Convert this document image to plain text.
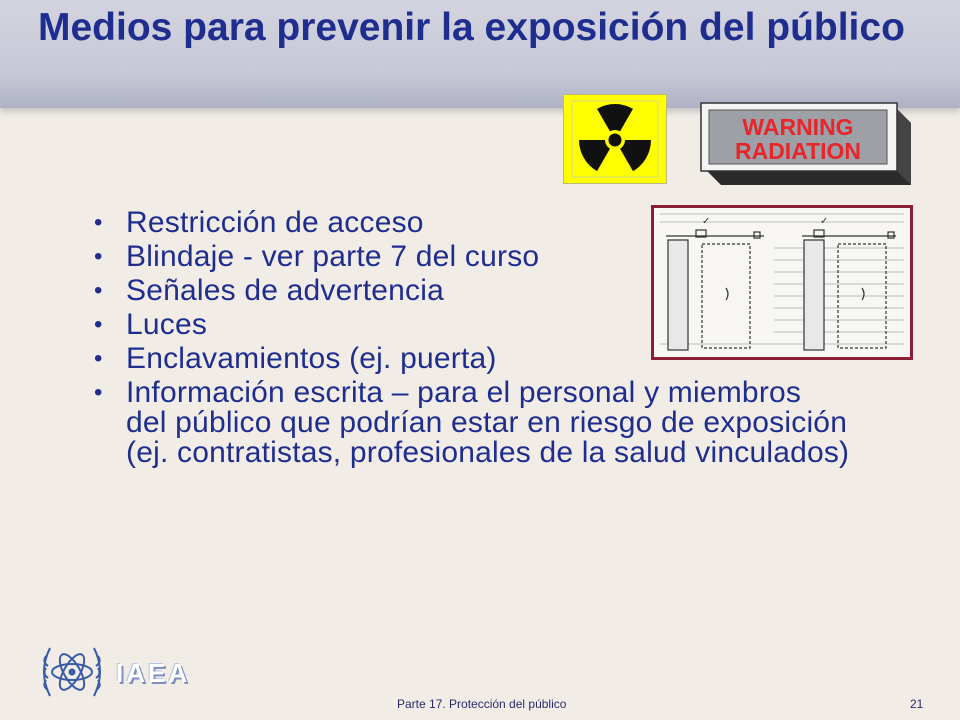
Medios para prevenir la exposición del público
WARNING
RADIATION
✓	✓
• Restricción de acceso
• Blindaje - ver parte 7 del curso
• Señales de advertencia
• Luces
• Enclavamientos (ej. puerta)
• Información escrita – para el personal y miembros del público que podrían estar en riesgo de exposición (ej. contratistas, profesionales de la salud vinculados)
IAEA
Parte 17. Protección del público	21
